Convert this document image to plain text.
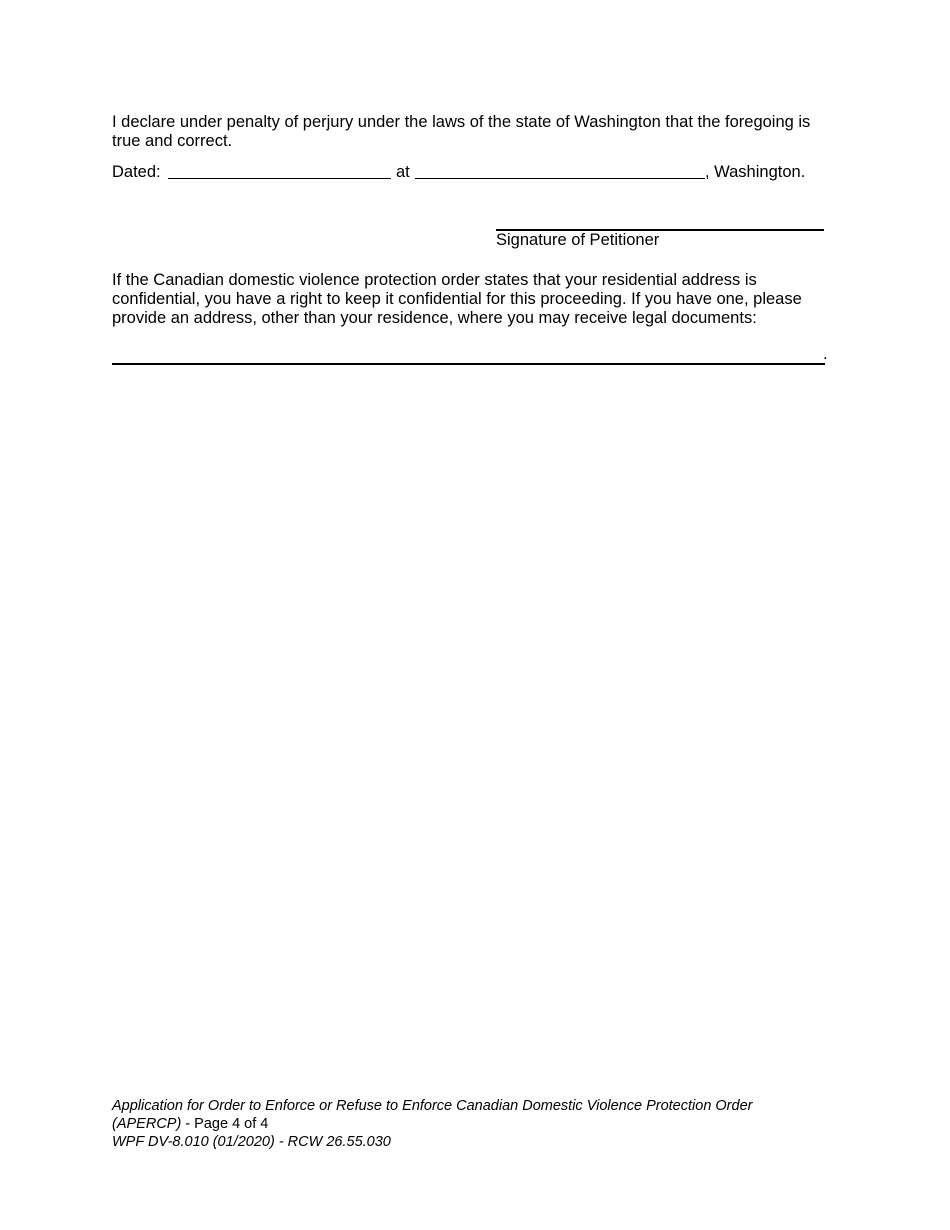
I declare under penalty of perjury under the laws of the state of Washington that the foregoing is true and correct.

Dated:	at	, Washington.
Signature of Petitioner

If the Canadian domestic violence protection order states that your residential address is confidential, you have a right to keep it confidential for this proceeding. If you have one, please provide an address, other than your residence, where you may receive legal documents:

.
Application for Order to Enforce or Refuse to Enforce Canadian Domestic Violence Protection Order
(APERCP) - Page 4 of 4
WPF DV-8.010 (01/2020) - RCW 26.55.030
